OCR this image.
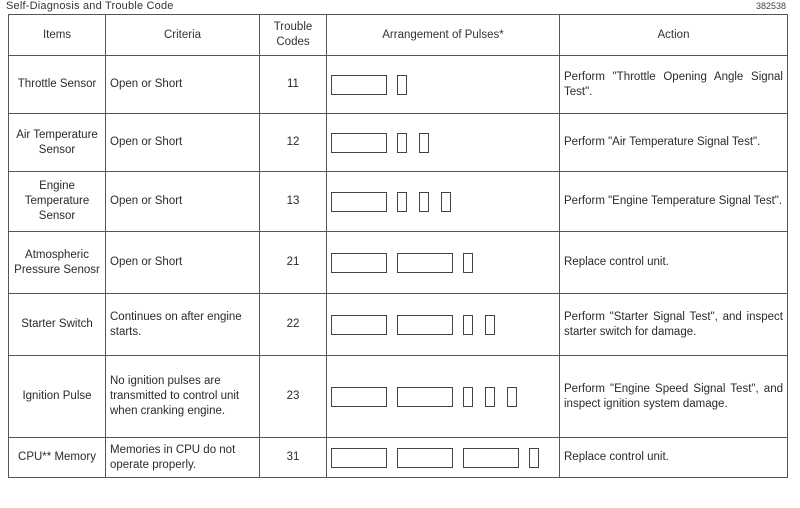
Self-Diagnosis and Trouble Code	382538
Items	Criteria	Trouble Codes	Arrangement of Pulses*	Action
Throttle Sensor	Open or Short	11		Perform "Throttle Opening Angle Signal Test".
Air Temperature Sensor	Open or Short	12		Perform "Air Temperature Signal Test".
Engine Temperature Sensor	Open or Short	13		Perform "Engine Temperature Signal Test".
Atmospheric Pressure Senosr	Open or Short	21		Replace control unit.
Starter Switch	Continues on after engine starts.	22		Perform "Starter Signal Test", and inspect starter switch for damage.
Ignition Pulse	No ignition pulses are transmitted to control unit when cranking engine.	23		Perform "Engine Speed Signal Test", and inspect ignition system damage.
CPU** Memory	Memories in CPU do not operate properly.	31		Replace control unit.
